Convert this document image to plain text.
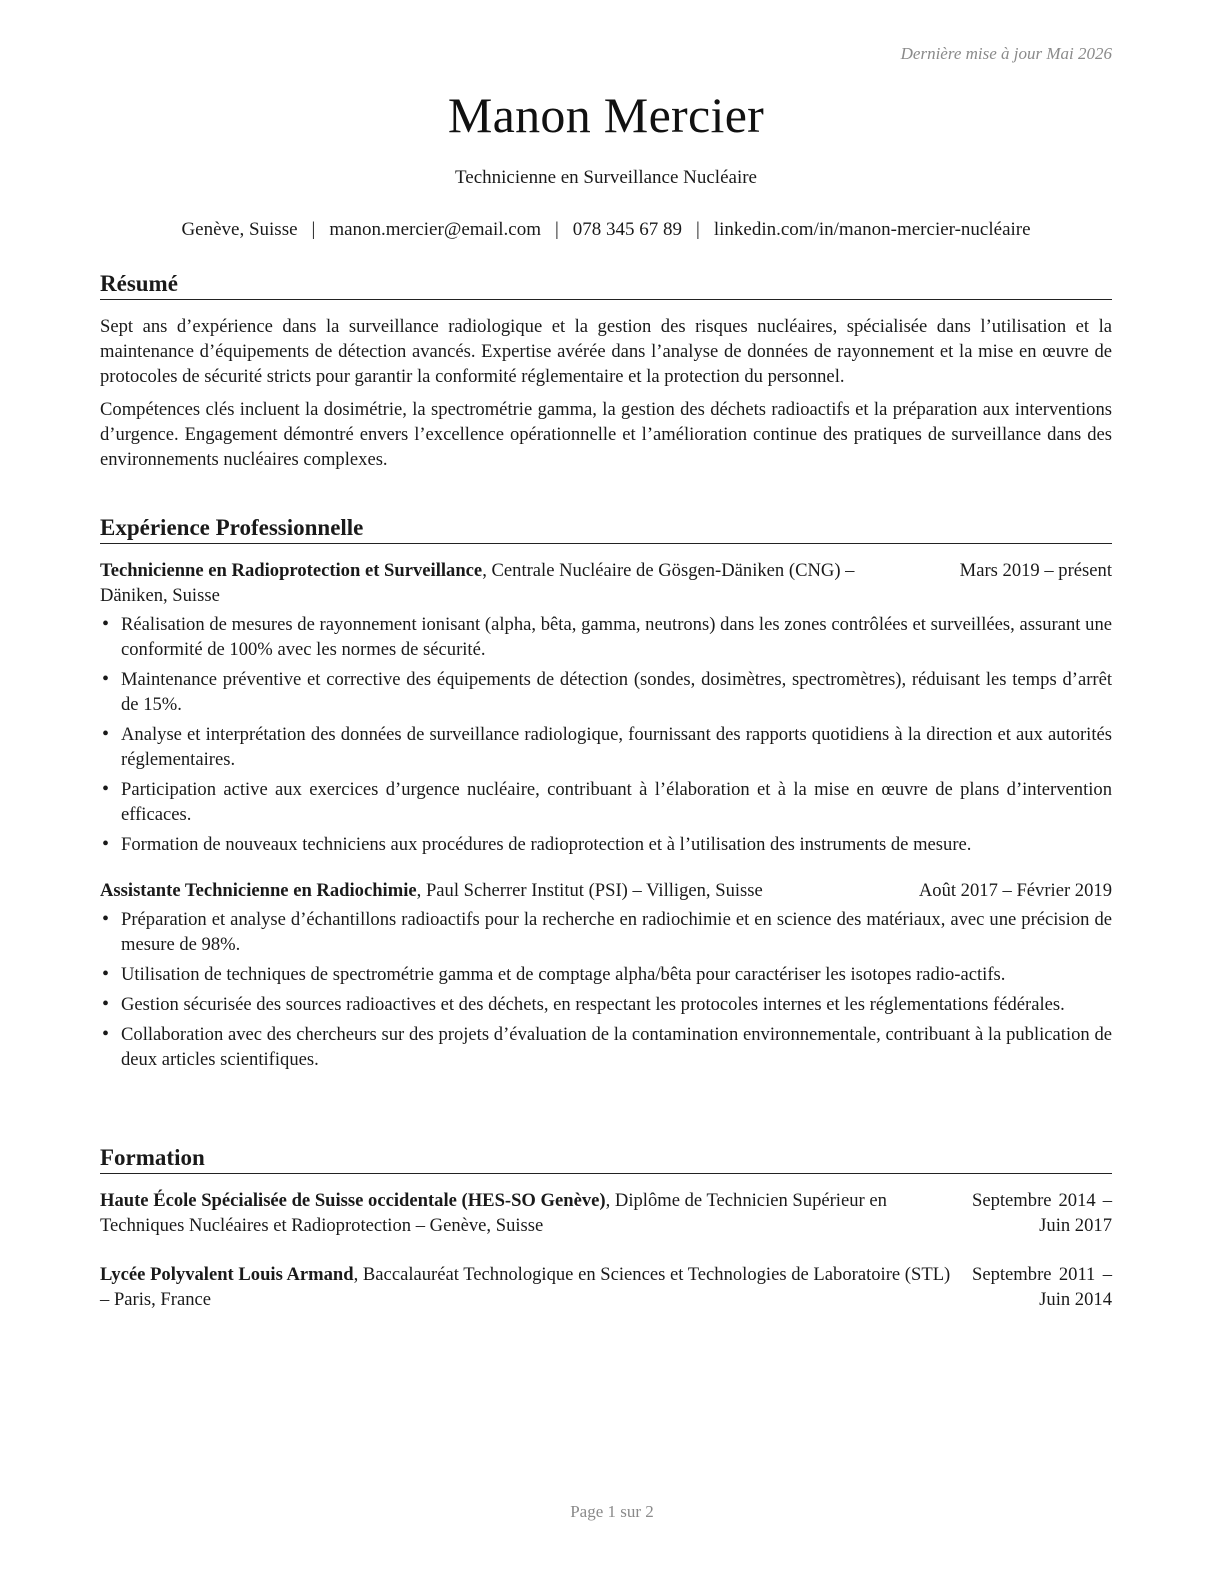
Dernière mise à jour Mai 2026
Manon Mercier
Technicienne en Surveillance Nucléaire
Genève, Suisse | manon.mercier@email.com | 078 345 67 89 | linkedin.com/in/manon-mercier-nucléaire
Résumé

Sept ans d’expérience dans la surveillance radiologique et la gestion des risques nucléaires, spécialisée dans l’utilisation et la maintenance d’équipements de détection avancés. Expertise avérée dans l’analyse de données de rayonnement et la mise en œuvre de protocoles de sécurité stricts pour garantir la conformité réglementaire et la protection du personnel.

Compétences clés incluent la dosimétrie, la spectrométrie gamma, la gestion des déchets radioactifs et la préparation aux interventions d’urgence. Engagement démontré envers l’excellence opérationnelle et l’amélioration continue des pratiques de surveillance dans des environnements nucléaires complexes.

Expérience Professionnelle
Technicienne en Radioprotection et Surveillance, Centrale Nucléaire de Gösgen-Däniken (CNG) – Däniken, Suisse
Mars 2019 – présent
• Réalisation de mesures de rayonnement ionisant (alpha, bêta, gamma, neutrons) dans les zones contrôlées et surveillées, assurant une conformité de 100% avec les normes de sécurité.
• Maintenance préventive et corrective des équipements de détection (sondes, dosimètres, spectromètres), réduisant les temps d’arrêt de 15%.
• Analyse et interprétation des données de surveillance radiologique, fournissant des rapports quotidiens à la direction et aux autorités réglementaires.
• Participation active aux exercices d’urgence nucléaire, contribuant à l’élaboration et à la mise en œuvre de plans d’intervention efficaces.
• Formation de nouveaux techniciens aux procédures de radioprotection et à l’utilisation des instruments de mesure.
Assistante Technicienne en Radiochimie, Paul Scherrer Institut (PSI) – Villigen, Suisse	Août 2017 – Février 2019
• Préparation et analyse d’échantillons radioactifs pour la recherche en radiochimie et en science des matériaux, avec une précision de mesure de 98%.
• Utilisation de techniques de spectrométrie gamma et de comptage alpha/bêta pour caractériser les isotopes radio-actifs.
• Gestion sécurisée des sources radioactives et des déchets, en respectant les protocoles internes et les réglementations fédérales.
• Collaboration avec des chercheurs sur des projets d’évaluation de la contamination environnementale, contribuant à la publication de deux articles scientifiques.
Formation
Haute École Spécialisée de Suisse occidentale (HES-SO Genève), Diplôme de Technicien Supérieur en Techniques Nucléaires et Radioprotection – Genève, Suisse
Septembre 2014 – Juin 2017
Lycée Polyvalent Louis Armand, Baccalauréat Technologique en Sciences et Technologies de Laboratoire (STL) – Paris, France
Septembre 2011 – Juin 2014
Page 1 sur 2
